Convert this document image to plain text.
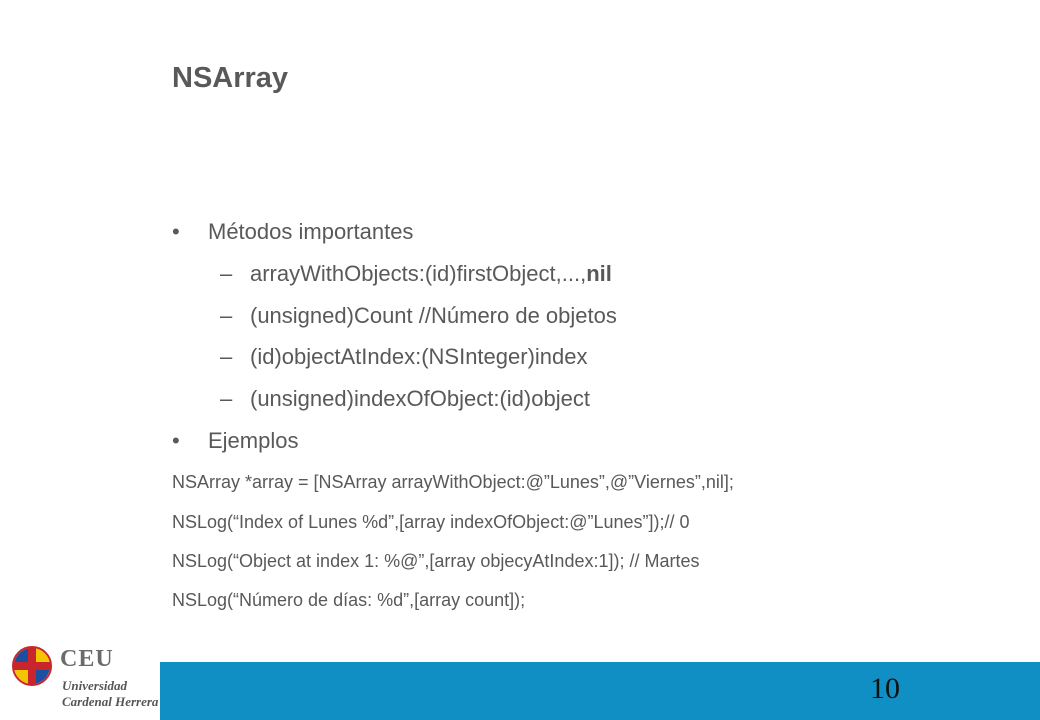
NSArray
• Métodos importantes
– arrayWithObjects:(id)firstObject,...,nil
– (unsigned)Count //Número de objetos
– (id)objectAtIndex:(NSInteger)index
– (unsigned)indexOfObject:(id)object
• Ejemplos
NSArray *array = [NSArray arrayWithObject:@”Lunes”,@”Viernes”,nil];
NSLog(“Index of Lunes %d”,[array indexOfObject:@”Lunes”]);// 0
NSLog(“Object at index 1: %@”,[array objecyAtIndex:1]); // Martes
NSLog(“Número de días: %d”,[array count]);
CEU
Universidad
Cardenal Herrera	10
